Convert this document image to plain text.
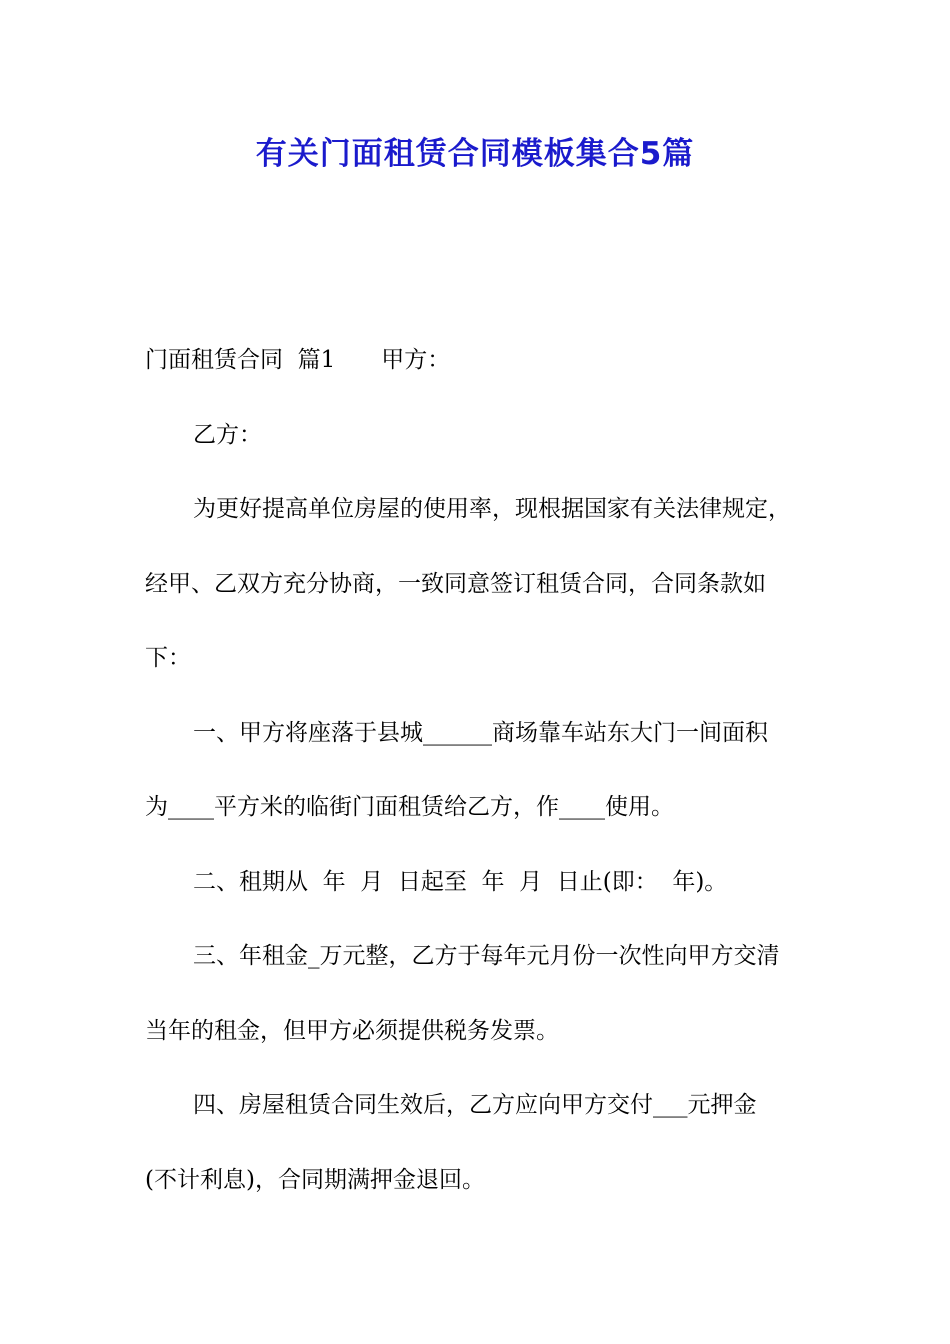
有关门面租赁合同模板集合5篇
门面租赁合同  篇1 甲方：
乙方：
为更好提高单位房屋的使用率，现根据国家有关法律规定，
经甲、乙双方充分协商，一致同意签订租赁合同，合同条款如
下：
一、甲方将座落于县城______商场靠车站东大门一间面积
为____平方米的临街门面租赁给乙方，作____使用。
二、租期从  年  月  日起至  年  月  日止(即：  年)。
三、年租金_万元整，乙方于每年元月份一次性向甲方交清
当年的租金，但甲方必须提供税务发票。
四、房屋租赁合同生效后，乙方应向甲方交付___元押金
(不计利息)，合同期满押金退回。
